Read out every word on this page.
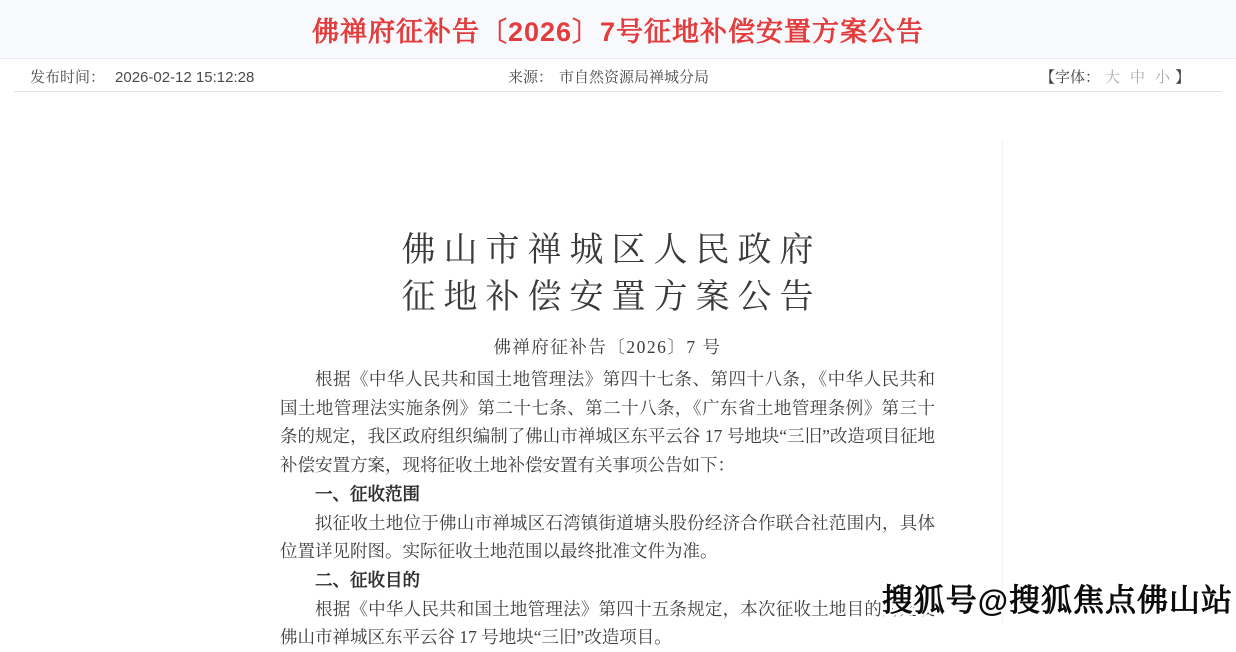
佛禅府征补告〔2026〕7号征地补偿安置方案公告
发布时间： 2026-02-12 15:12:28	来源： 市自然资源局禅城分局	【字体： 大 中 小 】
佛山市禅城区人民政府
征地补偿安置方案公告
佛禅府征补告〔2026〕7 号

根据《中华人民共和国土地管理法》第四十七条、第四十八条，《中华人民共和国土地管理法实施条例》第二十七条、第二十八条，《广东省土地管理条例》第三十条的规定，我区政府组织编制了佛山市禅城区东平云谷 17 号地块“三旧”改造项目征地补偿安置方案，现将征收土地补偿安置有关事项公告如下：

一、征收范围

拟征收土地位于佛山市禅城区石湾镇街道塘头股份经济合作联合社范围内，具体位置详见附图。实际征收土地范围以最终批准文件为准。

二、征收目的

根据《中华人民共和国土地管理法》第四十五条规定，本次征收土地目的为建设佛山市禅城区东平云谷 17 号地块“三旧”改造项目。

搜狐号@搜狐焦点佛山站
